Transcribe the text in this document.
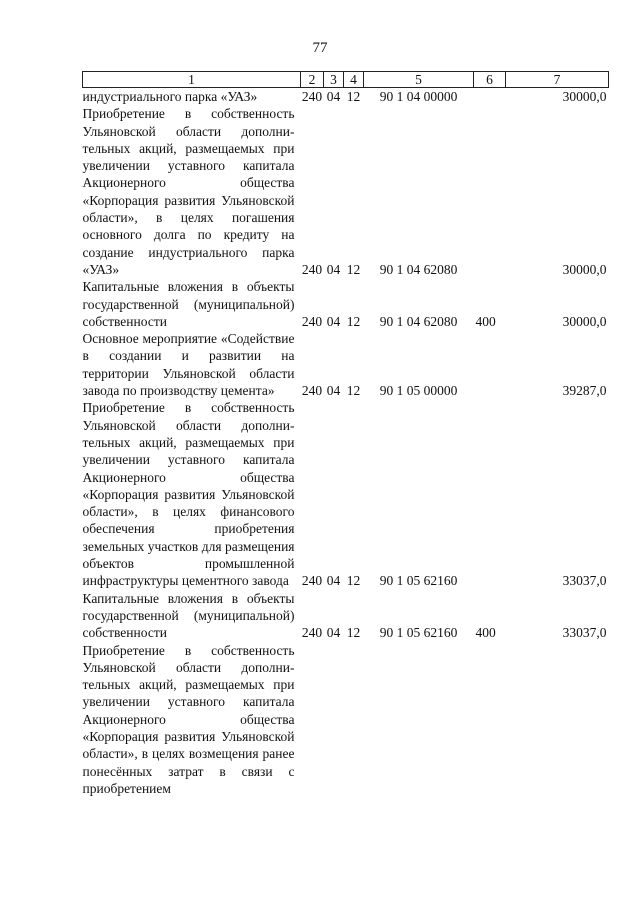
77
1	2	3	4	5	6	7
индустриального парка «УАЗ»	240	04	12	90 1 04 00000		30000,0
Приобретение в собственность Ульяновской области дополнительных акций, размещаемых при увеличении уставного капитала Акционерного общества «Корпорация развития Ульяновской области», в целях погашения основного долга по кредиту на создание индустриального парка «УАЗ»	240	04	12	90 1 04 62080		30000,0
Капитальные вложения в объекты государственной (муниципальной) собственности	240	04	12	90 1 04 62080	400	30000,0
Основное мероприятие «Содействие в создании и развитии на территории Ульяновской области завода по производству цемента»	240	04	12	90 1 05 00000		39287,0
Приобретение в собственность Ульяновской области дополнительных акций, размещаемых при увеличении уставного капитала Акционерного общества «Корпорация развития Ульяновской области», в целях финансового обеспечения приобретения земельных участков для размещения объектов промышленной инфраструктуры цементного завода	240	04	12	90 1 05 62160		33037,0
Капитальные вложения в объекты государственной (муниципальной) собственности	240	04	12	90 1 05 62160	400	33037,0
Приобретение в собственность Ульяновской области дополнительных акций, размещаемых при увеличении уставного капитала Акционерного общества «Корпорация развития Ульяновской области», в целях возмещения ранее понесённых затрат в связи с приобретением						
